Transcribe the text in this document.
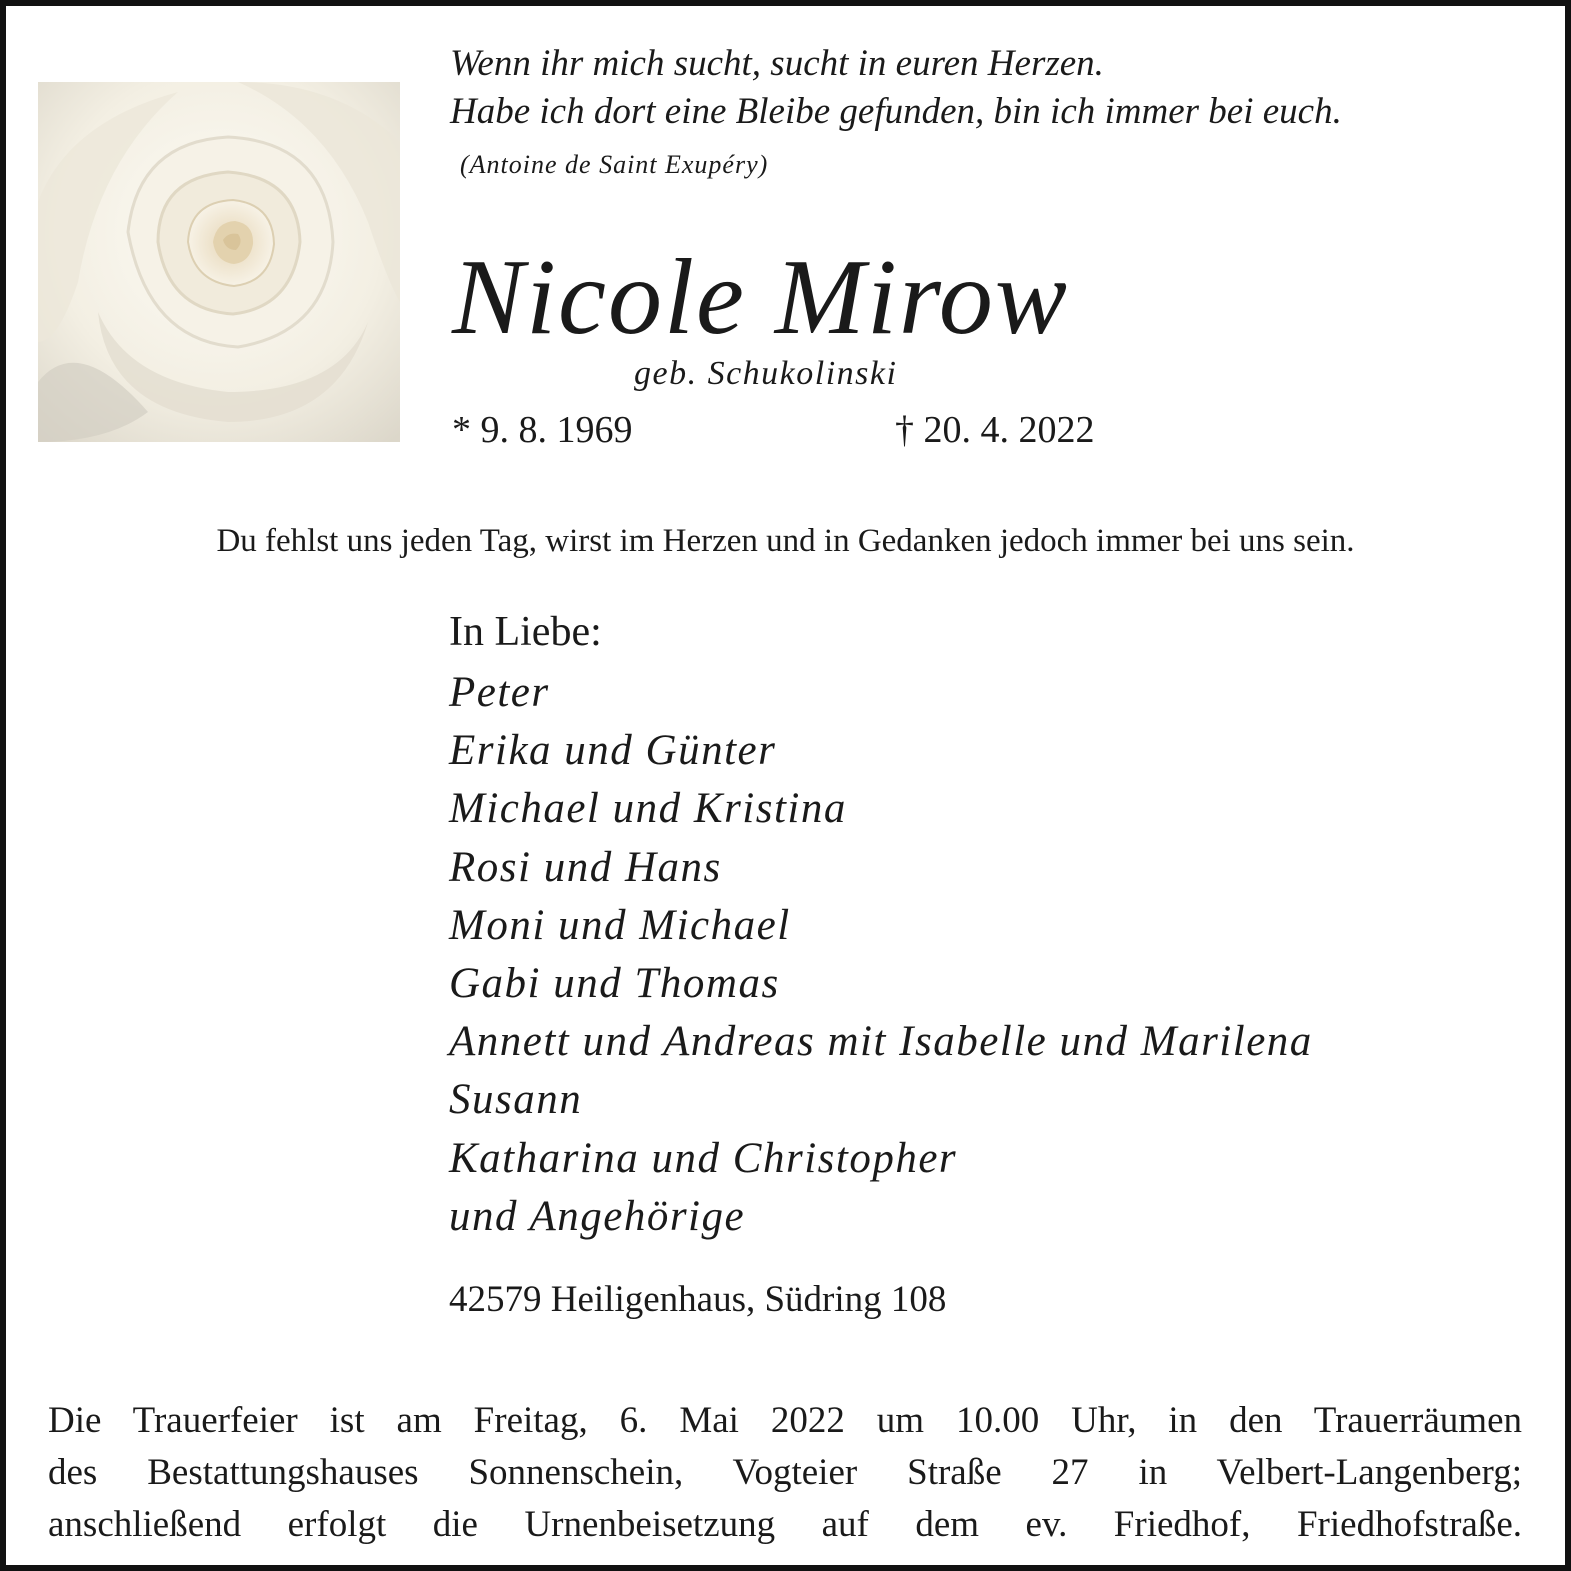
Wenn ihr mich sucht, sucht in euren Herzen.
Habe ich dort eine Bleibe gefunden, bin ich immer bei euch.
(Antoine de Saint Exupéry)
Nicole Mirow
geb. Schukolinski
* 9. 8. 1969	† 20. 4. 2022
Du fehlst uns jeden Tag, wirst im Herzen und in Gedanken jedoch immer bei uns sein.
In Liebe:
Peter
Erika und Günter
Michael und Kristina
Rosi und Hans
Moni und Michael
Gabi und Thomas
Annett und Andreas mit Isabelle und Marilena
Susann
Katharina und Christopher
und Angehörige
42579 Heiligenhaus, Südring 108
Die Trauerfeier ist am Freitag, 6. Mai 2022 um 10.00 Uhr, in den Trauerräumen
des Bestattungshauses Sonnenschein, Vogteier Straße 27 in Velbert-Langenberg;
anschließend erfolgt die Urnenbeisetzung auf dem ev. Friedhof, Friedhofstraße.
